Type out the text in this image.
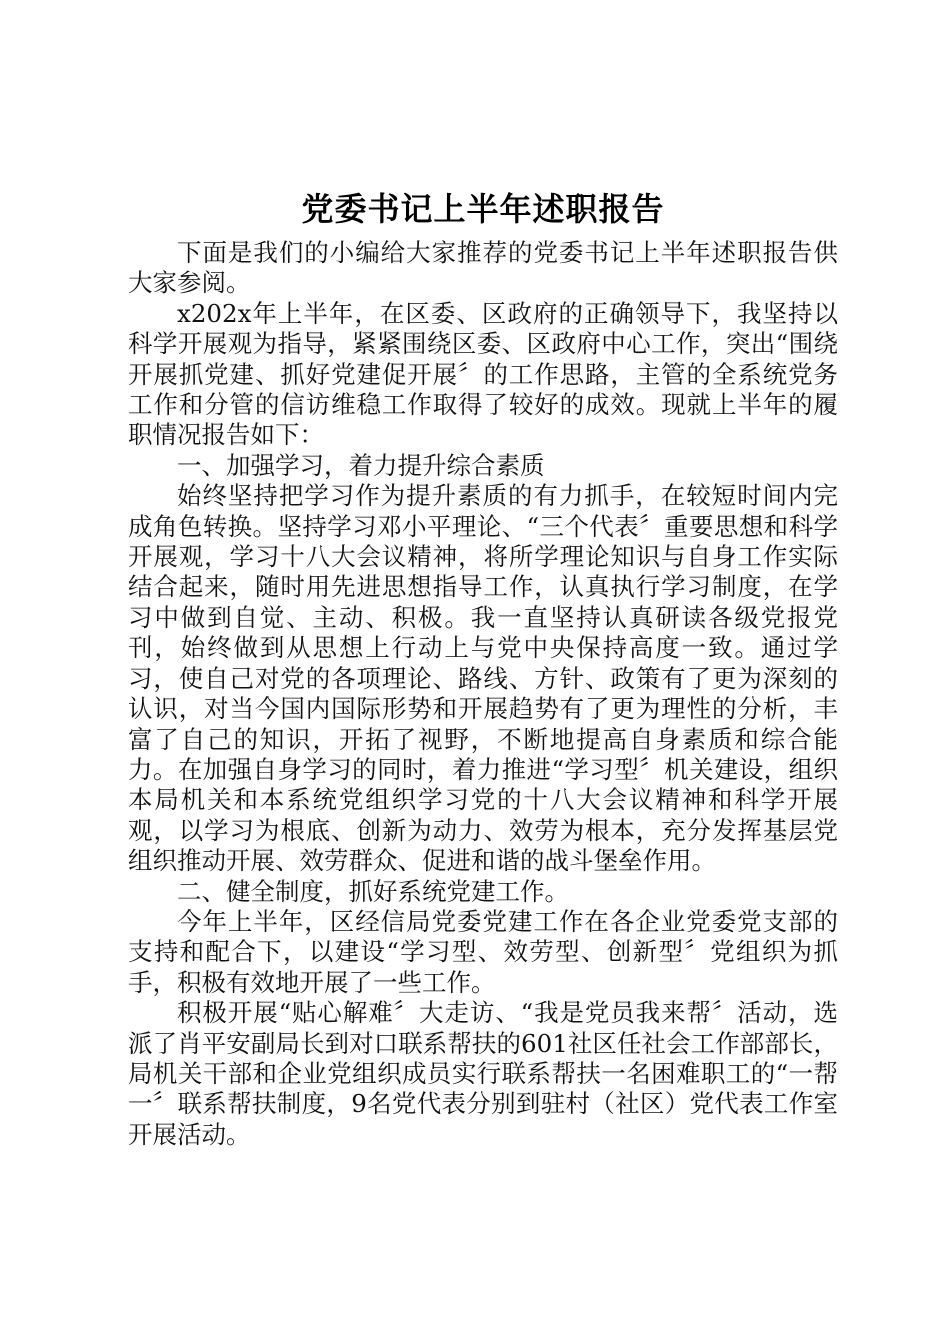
党委书记上半年述职报告

下面是我们的小编给大家推荐的党委书记上半年述职报告供大家参阅。

x202x年上半年，在区委、区政府的正确领导下，我坚持以科学开展观为指导，紧紧围绕区委、区政府中心工作，突出“围绕开展抓党建、抓好党建促开展〞的工作思路，主管的全系统党务工作和分管的信访维稳工作取得了较好的成效。现就上半年的履职情况报告如下：

一、加强学习，着力提升综合素质

始终坚持把学习作为提升素质的有力抓手，在较短时间内完成角色转换。坚持学习邓小平理论、“三个代表〞重要思想和科学开展观，学习十八大会议精神，将所学理论知识与自身工作实际结合起来，随时用先进思想指导工作，认真执行学习制度，在学习中做到自觉、主动、积极。我一直坚持认真研读各级党报党刊，始终做到从思想上行动上与党中央保持高度一致。通过学习，使自己对党的各项理论、路线、方针、政策有了更为深刻的认识，对当今国内国际形势和开展趋势有了更为理性的分析，丰富了自己的知识，开拓了视野，不断地提高自身素质和综合能力。在加强自身学习的同时，着力推进“学习型〞机关建设，组织本局机关和本系统党组织学习党的十八大会议精神和科学开展观，以学习为根底、创新为动力、效劳为根本，充分发挥基层党组织推动开展、效劳群众、促进和谐的战斗堡垒作用。

二、健全制度，抓好系统党建工作。

今年上半年，区经信局党委党建工作在各企业党委党支部的支持和配合下，以建设“学习型、效劳型、创新型〞党组织为抓手，积极有效地开展了一些工作。

积极开展“贴心解难〞大走访、“我是党员我来帮〞活动，选派了肖平安副局长到对口联系帮扶的601社区任社会工作部部长，局机关干部和企业党组织成员实行联系帮扶一名困难职工的“一帮一〞联系帮扶制度，9名党代表分别到驻村（社区）党代表工作室开展活动。
